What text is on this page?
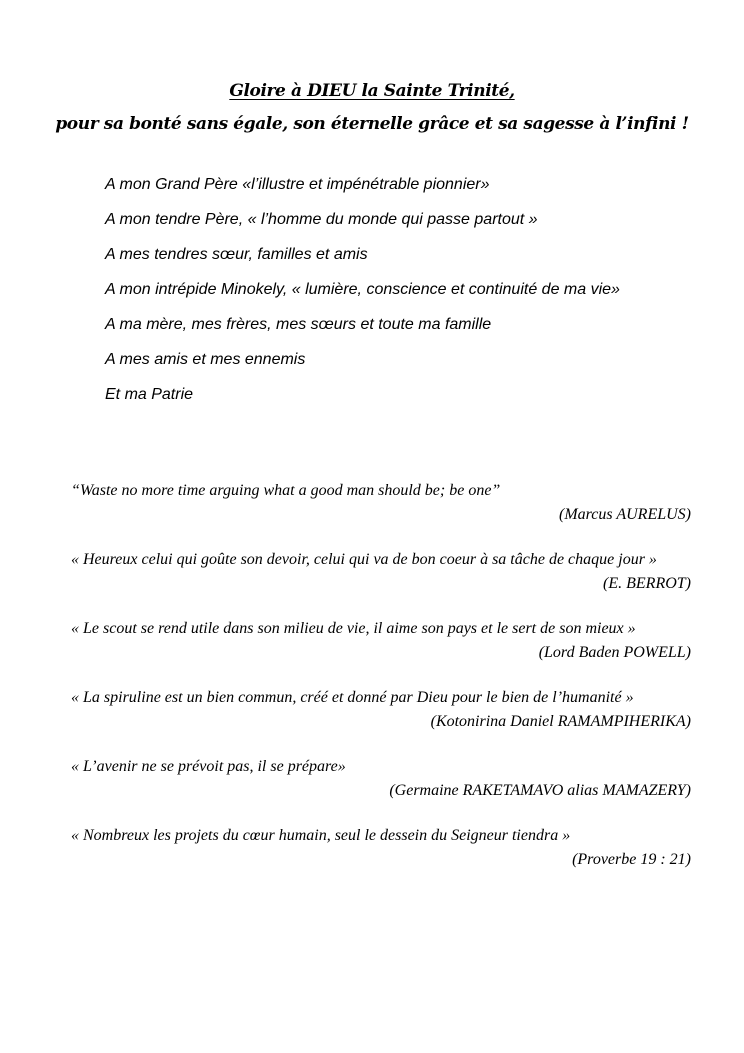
Gloire à DIEU la Sainte Trinité,
pour sa bonté sans égale, son éternelle grâce et sa sagesse à l’infini !
A mon Grand Père «l’illustre et impénétrable pionnier»
A mon tendre Père, « l’homme du monde qui passe partout »
A mes tendres sœur, familles et amis
A mon intrépide Minokely, « lumière, conscience et continuité de ma vie»
A ma mère, mes frères, mes sœurs et toute ma famille
A mes amis et mes ennemis
Et ma Patrie

“Waste no more time arguing what a good man should be; be one”

(Marcus AURELUS)

« Heureux celui qui goûte son devoir, celui qui va de bon coeur à sa tâche de chaque jour »

(E. BERROT)

« Le scout se rend utile dans son milieu de vie, il aime son pays et le sert de son mieux »

(Lord Baden POWELL)

« La spiruline est un bien commun, créé et donné par Dieu pour le bien de l’humanité »

(Kotonirina Daniel RAMAMPIHERIKA)

« L’avenir ne se prévoit pas, il se prépare»

(Germaine RAKETAMAVO alias MAMAZERY)

« Nombreux les projets du cœur humain, seul le dessein du Seigneur tiendra »

(Proverbe 19 : 21)
